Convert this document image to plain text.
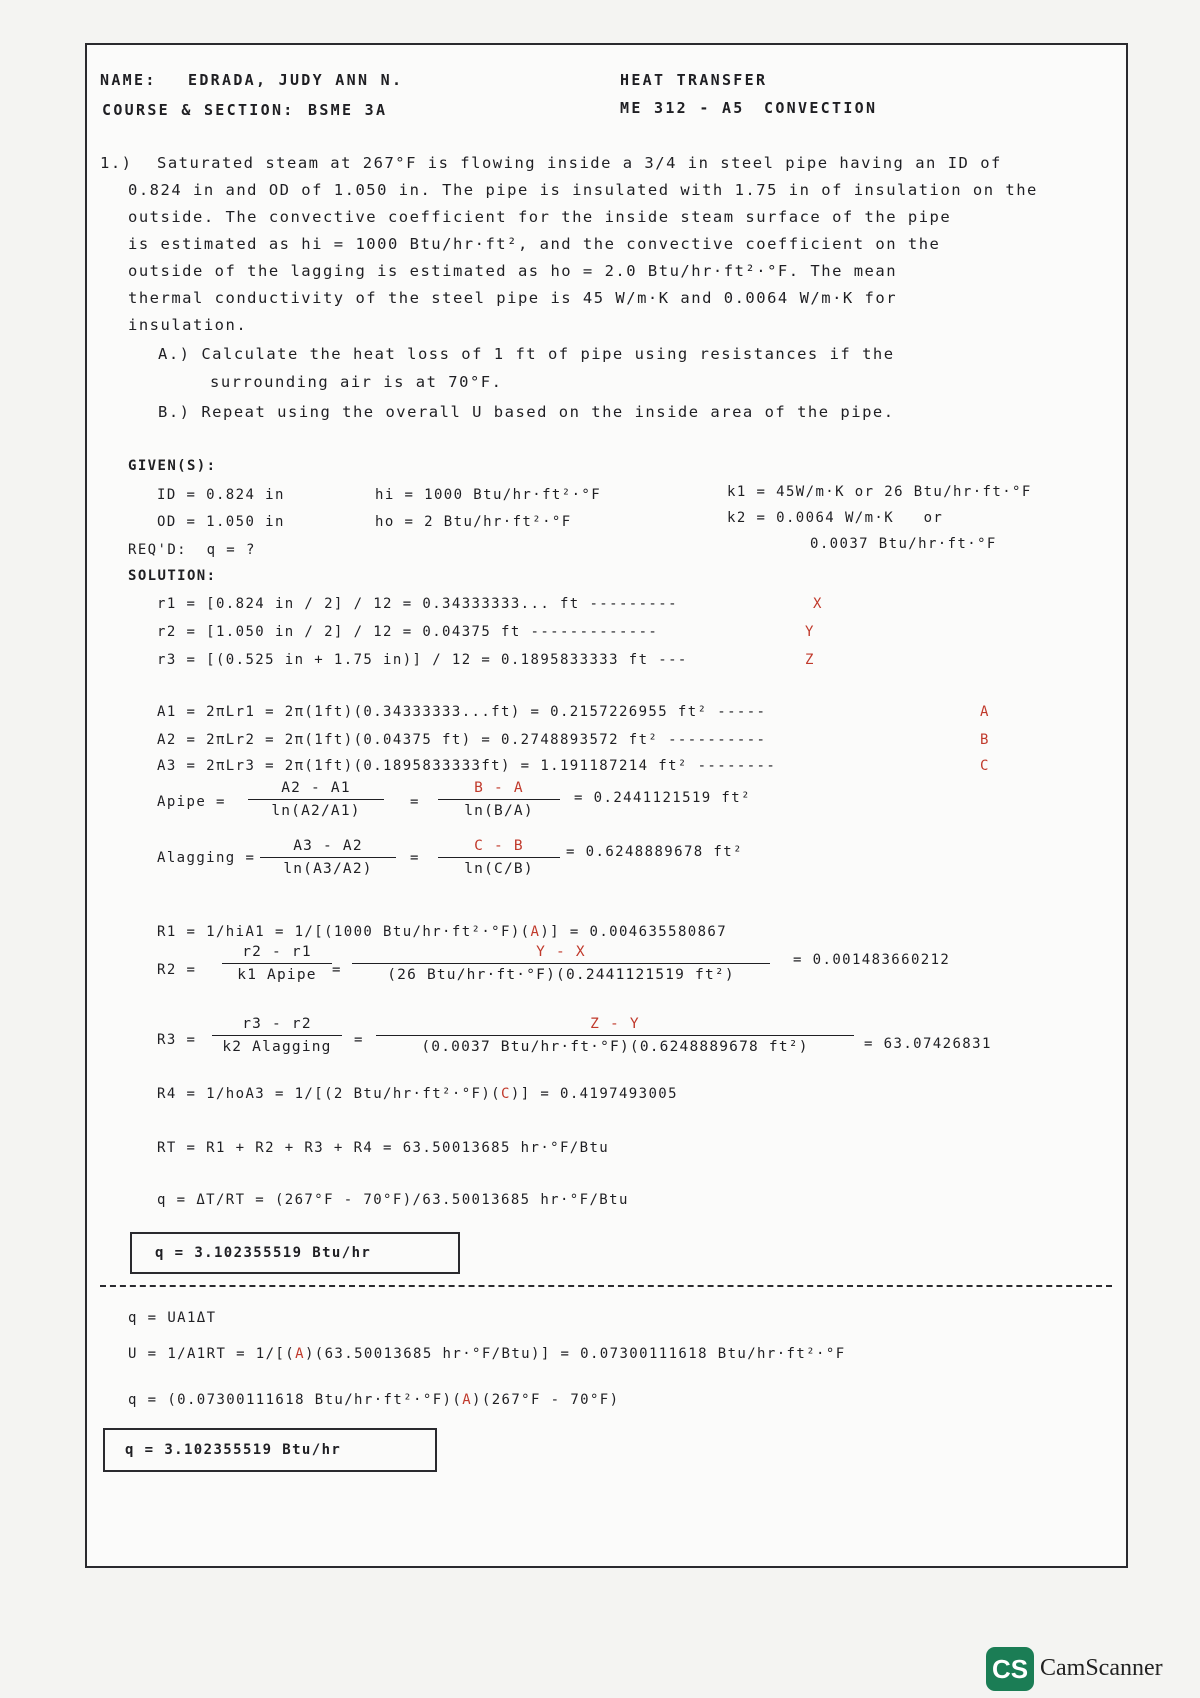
NAME: EDRADA, JUDY ANN N.
COURSE & SECTION: BSME 3A
HEAT TRANSFER
ME 312 - A5 CONVECTION
1.) Saturated steam at 267°F is flowing inside a 3/4 in steel pipe having an ID of
0.824 in and OD of 1.050 in. The pipe is insulated with 1.75 in of insulation on the
outside. The convective coefficient for the inside steam surface of the pipe
is estimated as hi = 1000 Btu/hr·ft², and the convective coefficient on the
outside of the lagging is estimated as ho = 2.0 Btu/hr·ft²·°F. The mean
thermal conductivity of the steel pipe is 45 W/m·K and 0.0064 W/m·K for
insulation.
A.) Calculate the heat loss of 1 ft of pipe using resistances if the
surrounding air is at 70°F.
B.) Repeat using the overall U based on the inside area of the pipe.
GIVEN(S):
ID = 0.824 in
OD = 1.050 in
hi = 1000 Btu/hr·ft²·°F
ho = 2 Btu/hr·ft²·°F
k1 = 45W/m·K or 26 Btu/hr·ft·°F
k2 = 0.0064 W/m·K   or
0.0037 Btu/hr·ft·°F
REQ'D:  q = ?
SOLUTION:
r1 = [0.824 in / 2] / 12 = 0.34333333... ft ---------	X
r2 = [1.050 in / 2] / 12 = 0.04375 ft -------------	Y
r3 = [(0.525 in + 1.75 in)] / 12 = 0.1895833333 ft ---	Z
A1 = 2πLr1 = 2π(1ft)(0.34333333...ft) = 0.2157226955 ft² -----	A
A2 = 2πLr2 = 2π(1ft)(0.04375 ft) = 0.2748893572 ft² ----------	B
A3 = 2πLr3 = 2π(1ft)(0.1895833333ft) = 1.191187214 ft² --------	C
Apipe = $\frac{A2 - A1}{\ln(A2/A1)} = \frac{B - A}{\ln(B/A)} = 0.2441121519$ ft²
Alagging = $\frac{A3 - A2}{\ln(A3/A2)} = \frac{C - B}{\ln(C/B)} = 0.6248889678$ ft²
R1 = 1/hiA1 = 1/[(1000 Btu/hr·ft²·°F)(A)] = 0.004635580867
R2 =
r2 - r1
k1 Apipe	=
Y - X
(26 Btu/hr·ft·°F)(0.2441121519 ft²)
= 0.001483660212
R3 =
r3 - r2
k2 Alagging	=
Z - Y
(0.0037 Btu/hr·ft·°F)(0.6248889678 ft²)	= 63.07426831
R4 = 1/hoA3 = 1/[(2 Btu/hr·ft²·°F)(C)] = 0.4197493005
RT = R1 + R2 + R3 + R4 = 63.50013685 hr·°F/Btu
q = ΔT/RT = (267°F - 70°F)/63.50013685 hr·°F/Btu
q = 3.102355519 Btu/hr
q = UA1ΔT
U = 1/A1RT = 1/[(A)(63.50013685 hr·°F/Btu)] = 0.07300111618 Btu/hr·ft²·°F
q = (0.07300111618 Btu/hr·ft²·°F)(A)(267°F - 70°F)
q = 3.102355519 Btu/hr
CS CamScanner
